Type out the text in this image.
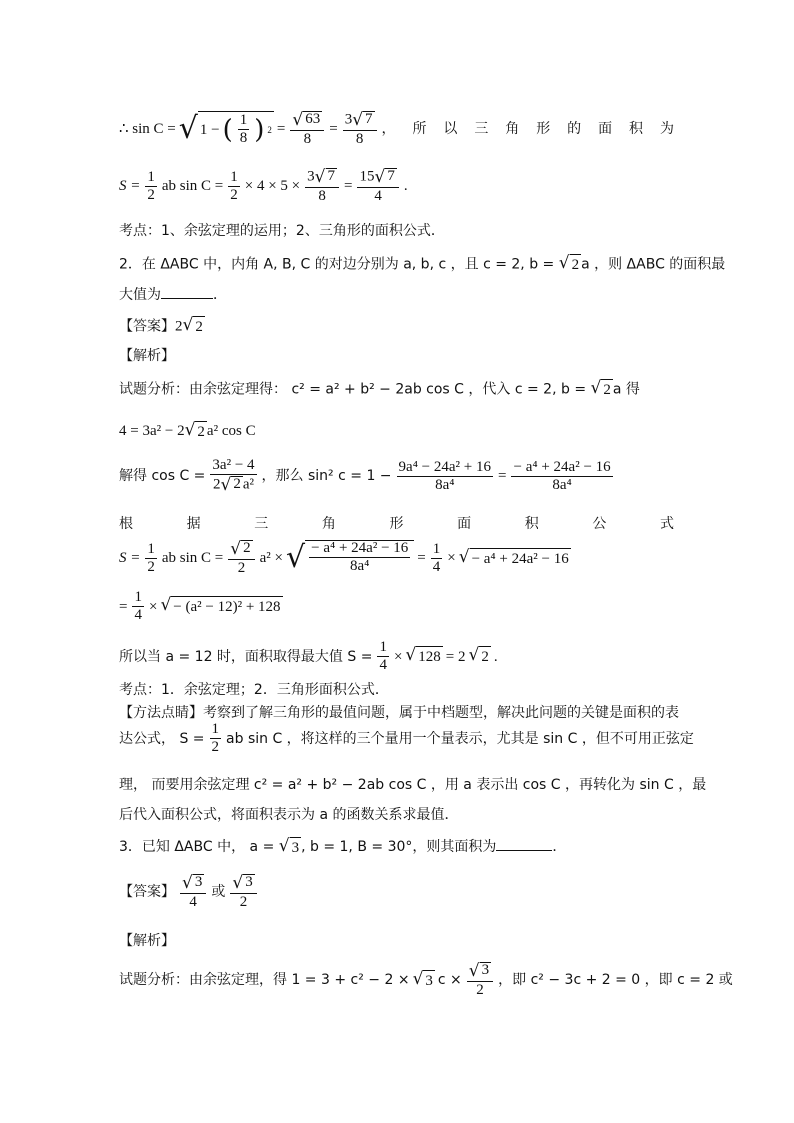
∴ sin C = √ 1 − ( $\frac{1}{8}$ ) $2 = \frac{√ 63}{8} = \frac{3 √ 7}{8}$ ， 所 以 三 角 形 的 面 积 为
$S = \frac{1}{2}$ ab $\sin C = \frac{1}{2} \times 4 \times 5 \times \frac{3 √ 7}{8} = \frac{15 √ 7}{4}$ .
考点：1、余弦定理的运用；2、三角形的面积公式．
2．在 ΔABC 中，内角 A, B, C 的对边分别为 a, b, c ，且 c = 2, b = √ 2 a ，则 ΔABC 的面积最
大值为	．
【答案】2 √ 2
【解析】
试题分析：由余弦定理得： c² = a² + b² − 2ab cos C ，代入 c = 2, b = √ 2 a 得
4 = 3a² − 2 √ 2 a² cos C
解得 $\cos C = \frac{\text{3a² − 4}}{\text{2 √ 2 a²}}$ ，那么 sin² $c = 1 - \frac{\text{9a⁴ − 24a² + 16}}{\text{8a⁴}} = \frac{\text{− a⁴ + 24a² − 16}}{\text{8a⁴}}$
根	据	三	角	形	面	积	公	式
$S = \frac{1}{2}$ ab $\sin C = \frac{√ 2}{2} a^2$ × √ $\frac{\text{− a⁴ + 24a² − 16}}{\text{8a⁴}} = \frac{1}{4}$ × √ − a⁴ + 24a² − 16
= $\frac{1}{4}$ × √ − (a² − 12)² + 128
所以当 a = 12 时，面积取得最大值 $S = \frac{1}{4}$ × √ 128 = 2 √ 2 .
考点：1．余弦定理；2．三角形面积公式．
【方法点睛】考察到了解三角形的最值问题，属于中档题型，解决此问题的关键是面积的表
达公式， $S = \frac{1}{2}$ ab sin C ，将这样的三个量用一个量表示，尤其是 sin C ，但不可用正弦定
理， 而要用余弦定理 c² = a² + b² − 2ab cos C ，用 a 表示出 cos C ，再转化为 sin C ，最
后代入面积公式，将面积表示为 a 的函数关系求最值．
3．已知 ΔABC 中， a = √ 3 , b = 1, B = 30°，则其面积为	．
【答案】 $\frac{√ 3}{4}$ 或 $\frac{√ 3}{2}$
【解析】
试题分析：由余弦定理，得 1 = 3 + c² − 2 × √ 3 $c \times \frac{√ 3}{2}$ ，即 c² − 3c + 2 = 0 ，即 c = 2 或
